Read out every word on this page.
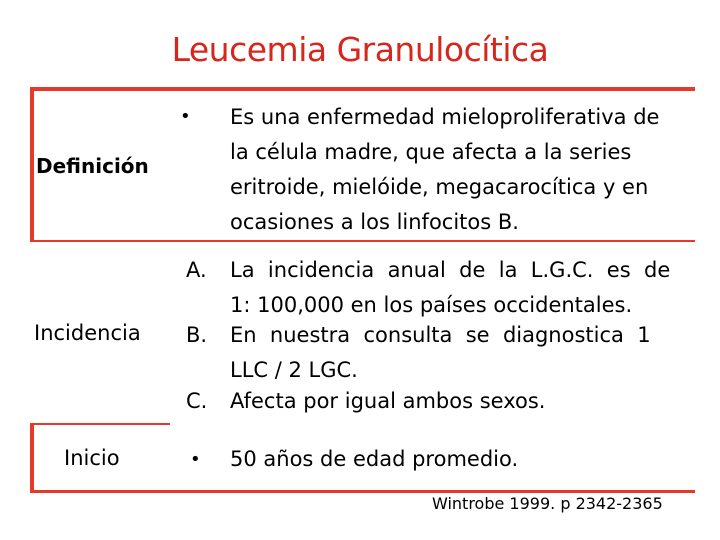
Leucemia Granulocítica
Definición
• Es una enfermedad mieloproliferativa de
la célula madre, que afecta a la series
eritroide, mielóide, megacarocítica y en
ocasiones a los linfocitos B.
Incidencia
A. La  incidencia  anual  de  la  L.G.C.  es  de
1: 100,000 en los países occidentales.
B. En  nuestra  consulta  se  diagnostica  1
LLC / 2 LGC.
C. Afecta por igual ambos sexos.
Inicio	• 50 años de edad promedio.
Wintrobe 1999. p 2342-2365
